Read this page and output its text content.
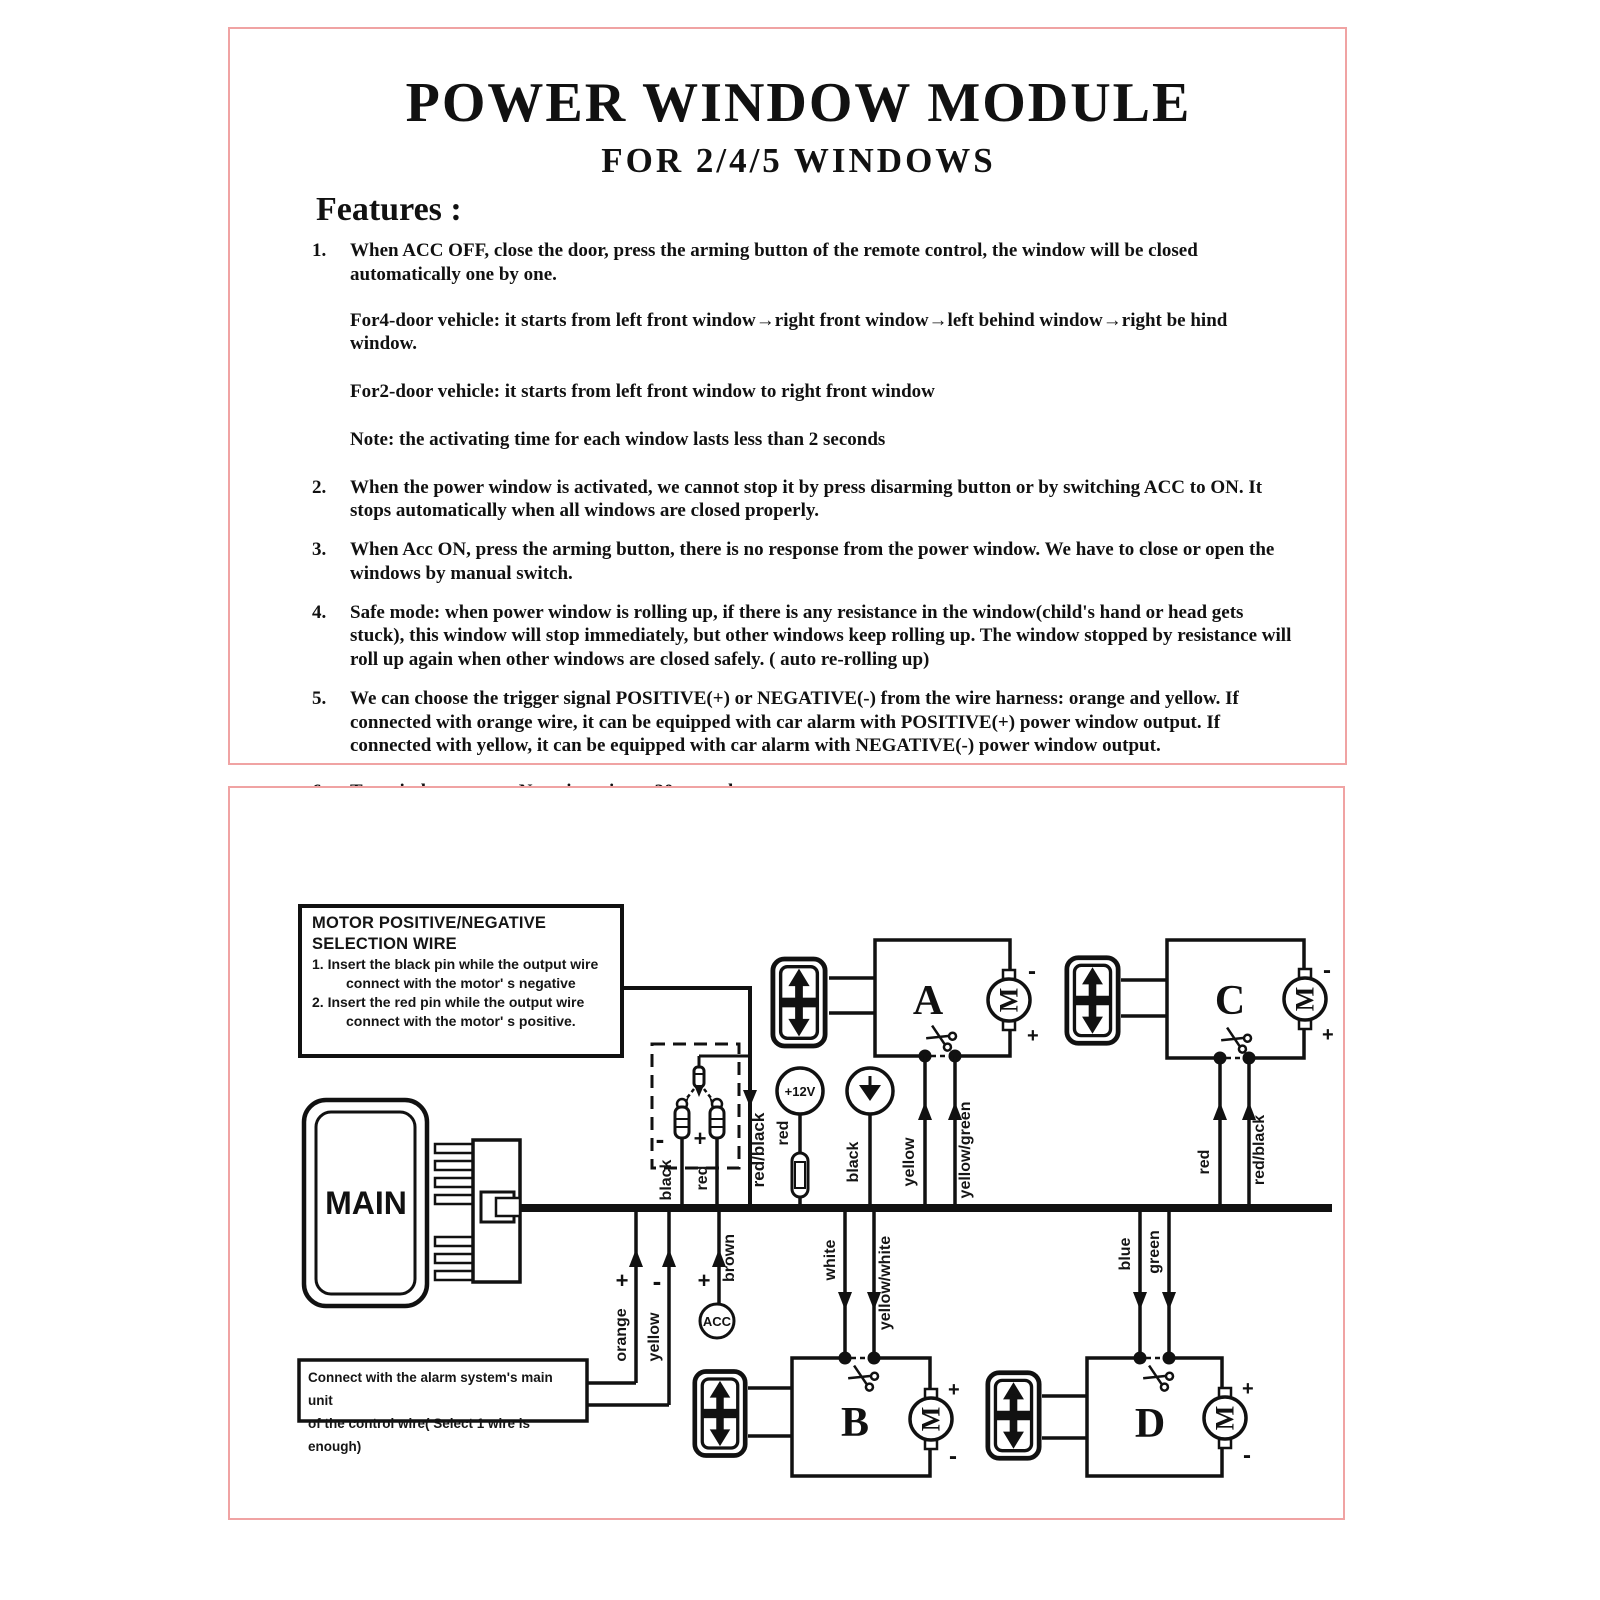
POWER WINDOW MODULE
FOR 2/4/5 WINDOWS
Features :
1.	When ACC OFF, close the door, press the arming button of the remote control, the window will be closed automatically one by one.
For4-door vehicle: it starts from left front window→right front window→left behind window→right be hind window.
For2-door vehicle: it starts from left front window to right front window
Note: the activating time for each window lasts less than 2 seconds
2.	When the power window is activated, we cannot stop it by press disarming button or by switching ACC to ON. It stops automatically when all windows are closed properly.
3.	When Acc ON, press the arming button, there is no response from the power window. We have to close or open the windows by manual switch.
4.	Safe mode: when power window is rolling up, if there is any resistance in the window(child's hand or head gets stuck), this window will stop immediately, but other windows keep rolling up. The window stopped by resistance will roll up again when other windows are closed safely. ( auto re-rolling up)
5.	We can choose the trigger signal POSITIVE(+) or NEGATIVE(-) from the wire harness: orange and yellow. If connected with orange wire, it can be equipped with car alarm with POSITIVE(+) power window output. If connected with yellow, it can be equipped with car alarm with NEGATIVE(-) power window output.
MAIN
red/black
- +
black red
+12V
red
black
A M
-
+
yellow yellow/green
C M
-
+
red red/black
+ - +
orange yellow
brown
ACC
white yellow/white
B M
+
-
blue green
D M
+
-
MOTOR POSITIVE/NEGATIVE
SELECTION WIRE
1. Insert the black pin while the output wire
connect with the motor' s negative
2. Insert the red pin while the output wire
connect with the motor' s positive.
Connect with the alarm system's main unit
of the control wire( Select 1 wire is enough)
